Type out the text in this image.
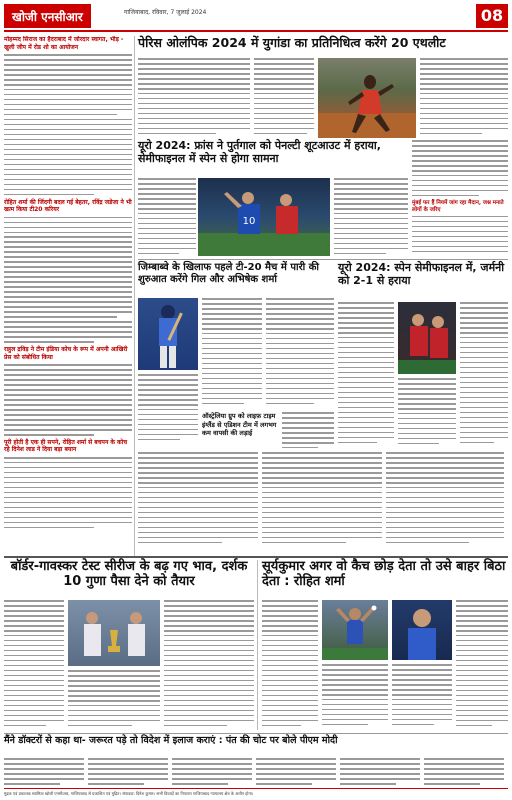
खोजी एनसीआर	गाजियाबाद, रविवार, 7 जुलाई 2024	08
मोहम्मद सिराज का हैदराबाद में जोरदार स्वागत, भीड़ - खुली जीप में रोड शो का आयोजन
रोहित शर्मा की जिंदगी बदल गई बेहतर, रविंद्र जडेजा ने भी खत्म किया टी20 करियर
राहुल द्रविड़ ने टीम इंडिया कोच के रूप में अपनी आखिरी प्रेस को संबोधित किया
पूरी होती है एक ही सपने, रोहित शर्मा से बचपन के कोच रहे दिनेश लाड ने दिया बड़ा बयान
पेरिस ओलंपिक 2024 में युगांडा का प्रतिनिधित्व करेंगे 20 एथलीट
यूरो 2024: फ्रांस ने पुर्तगाल को पेनल्टी शूटआउट में हराया, सेमीफाइनल में स्पेन से होगा सामना
10
मुंबई फर हैं नियमें जांग रहा मैदान, जश्न मनाते लोगों के जरिए
जिम्बाब्वे के खिलाफ पहले टी-20 मैच में पारी की शुरुआत करेंगे गिल और अभिषेक शर्मा
ऑस्ट्रेलिया ग्रुप को लाइफ़ टाइम इंग्लैंड से एडिशन टीम में लगभग कम वापसी की लड़ाई
यूरो 2024: स्पेन सेमीफाइनल में, जर्मनी को 2-1 से हराया
बॉर्डर-गावस्कर टेस्ट सीरीज के बढ़ गए भाव, दर्शक 10 गुणा पैसा देने को तैयार
सूर्यकुमार अगर वो कैच छोड़ देता तो उसे बाहर बिठा देता : रोहित शर्मा
मैंने डॉक्टरों से कहा था- जरूरत पड़े तो विदेश में इलाज कराएं : पंत की चोट पर बोले पीएम मोदी
मुद्रक एवं प्रकाशक स्वामित्व खोजी एनसीआर, गाजियाबाद से प्रकाशित एवं मुद्रित। संपादक: दिनेश कुमार। सभी विवादों का निपटारा गाजियाबाद न्यायालय क्षेत्र के अधीन होगा।
